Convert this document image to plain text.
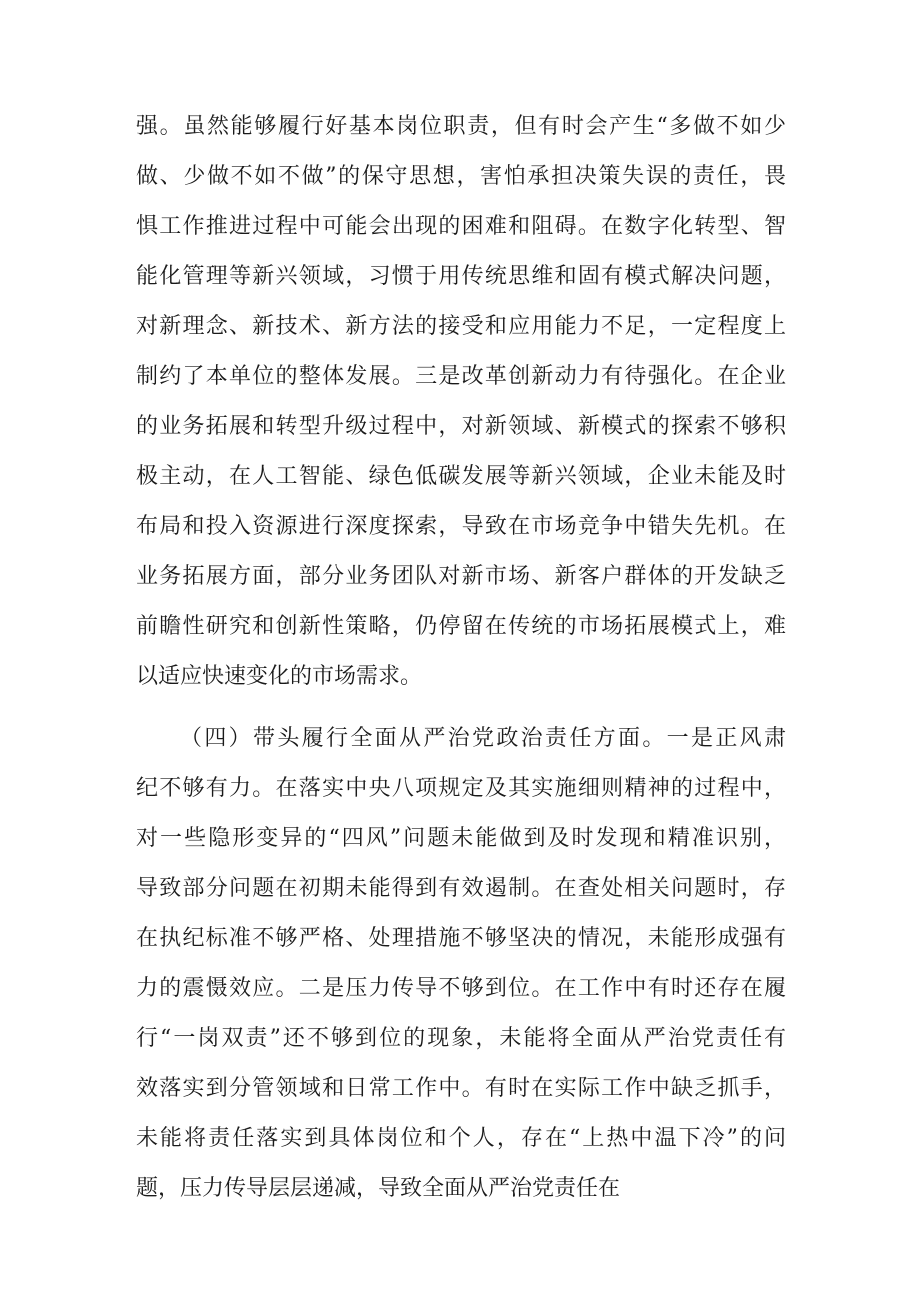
强。虽然能够履行好基本岗位职责，但有时会产生“多做不如少
做、少做不如不做”的保守思想，害怕承担决策失误的责任，畏
惧工作推进过程中可能会出现的困难和阻碍。在数字化转型、智
能化管理等新兴领域，习惯于用传统思维和固有模式解决问题，
对新理念、新技术、新方法的接受和应用能力不足，一定程度上
制约了本单位的整体发展。三是改革创新动力有待强化。在企业
的业务拓展和转型升级过程中，对新领域、新模式的探索不够积
极主动，在人工智能、绿色低碳发展等新兴领域，企业未能及时
布局和投入资源进行深度探索，导致在市场竞争中错失先机。在
业务拓展方面，部分业务团队对新市场、新客户群体的开发缺乏
前瞻性研究和创新性策略，仍停留在传统的市场拓展模式上，难
以适应快速变化的市场需求。
（四）带头履行全面从严治党政治责任方面。一是正风肃
纪不够有力。在落实中央八项规定及其实施细则精神的过程中，
对一些隐形变异的“四风”问题未能做到及时发现和精准识别，
导致部分问题在初期未能得到有效遏制。在查处相关问题时，存
在执纪标准不够严格、处理措施不够坚决的情况，未能形成强有
力的震慑效应。二是压力传导不够到位。在工作中有时还存在履
行“一岗双责”还不够到位的现象，未能将全面从严治党责任有
效落实到分管领域和日常工作中。有时在实际工作中缺乏抓手，
未能将责任落实到具体岗位和个人，存在“上热中温下冷”的问
题，压力传导层层递减，导致全面从严治党责任在
